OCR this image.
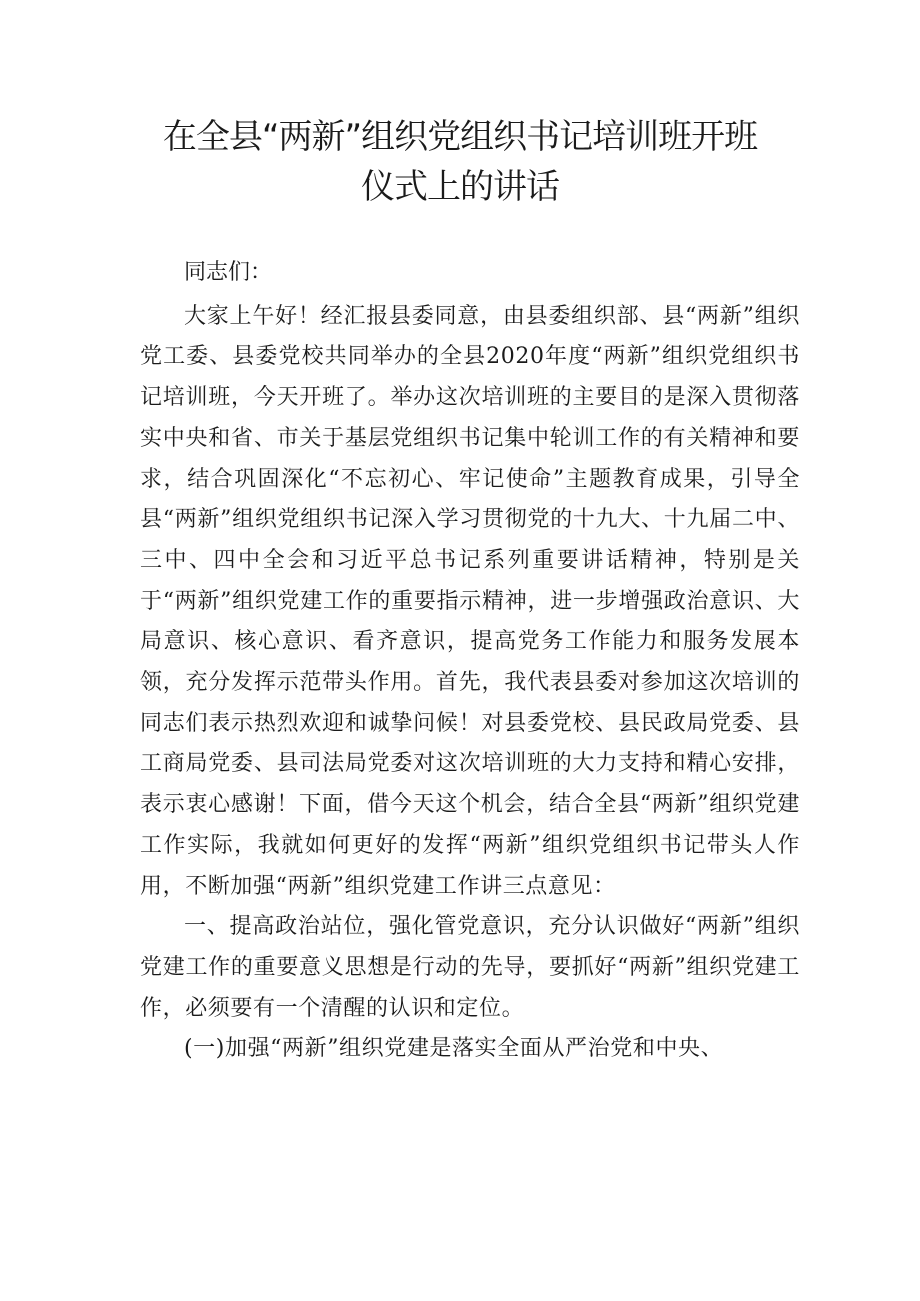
在全县“两新”组织党组织书记培训班开班
仪式上的讲话

同志们：

大家上午好！经汇报县委同意，由县委组织部、县“两新”组织党工委、县委党校共同举办的全县2020年度“两新”组织党组织书记培训班，今天开班了。举办这次培训班的主要目的是深入贯彻落实中央和省、市关于基层党组织书记集中轮训工作的有关精神和要求，结合巩固深化“不忘初心、牢记使命”主题教育成果，引导全县“两新”组织党组织书记深入学习贯彻党的十九大、十九届二中、三中、四中全会和习近平总书记系列重要讲话精神，特别是关于“两新”组织党建工作的重要指示精神，进一步增强政治意识、大局意识、核心意识、看齐意识，提高党务工作能力和服务发展本领，充分发挥示范带头作用。首先，我代表县委对参加这次培训的同志们表示热烈欢迎和诚挚问候！对县委党校、县民政局党委、县工商局党委、县司法局党委对这次培训班的大力支持和精心安排，表示衷心感谢！下面，借今天这个机会，结合全县“两新”组织党建工作实际，我就如何更好的发挥“两新”组织党组织书记带头人作用，不断加强“两新”组织党建工作讲三点意见：

一、提高政治站位，强化管党意识，充分认识做好“两新”组织党建工作的重要意义思想是行动的先导，要抓好“两新”组织党建工作，必须要有一个清醒的认识和定位。

(一)加强“两新”组织党建是落实全面从严治党和中央、
